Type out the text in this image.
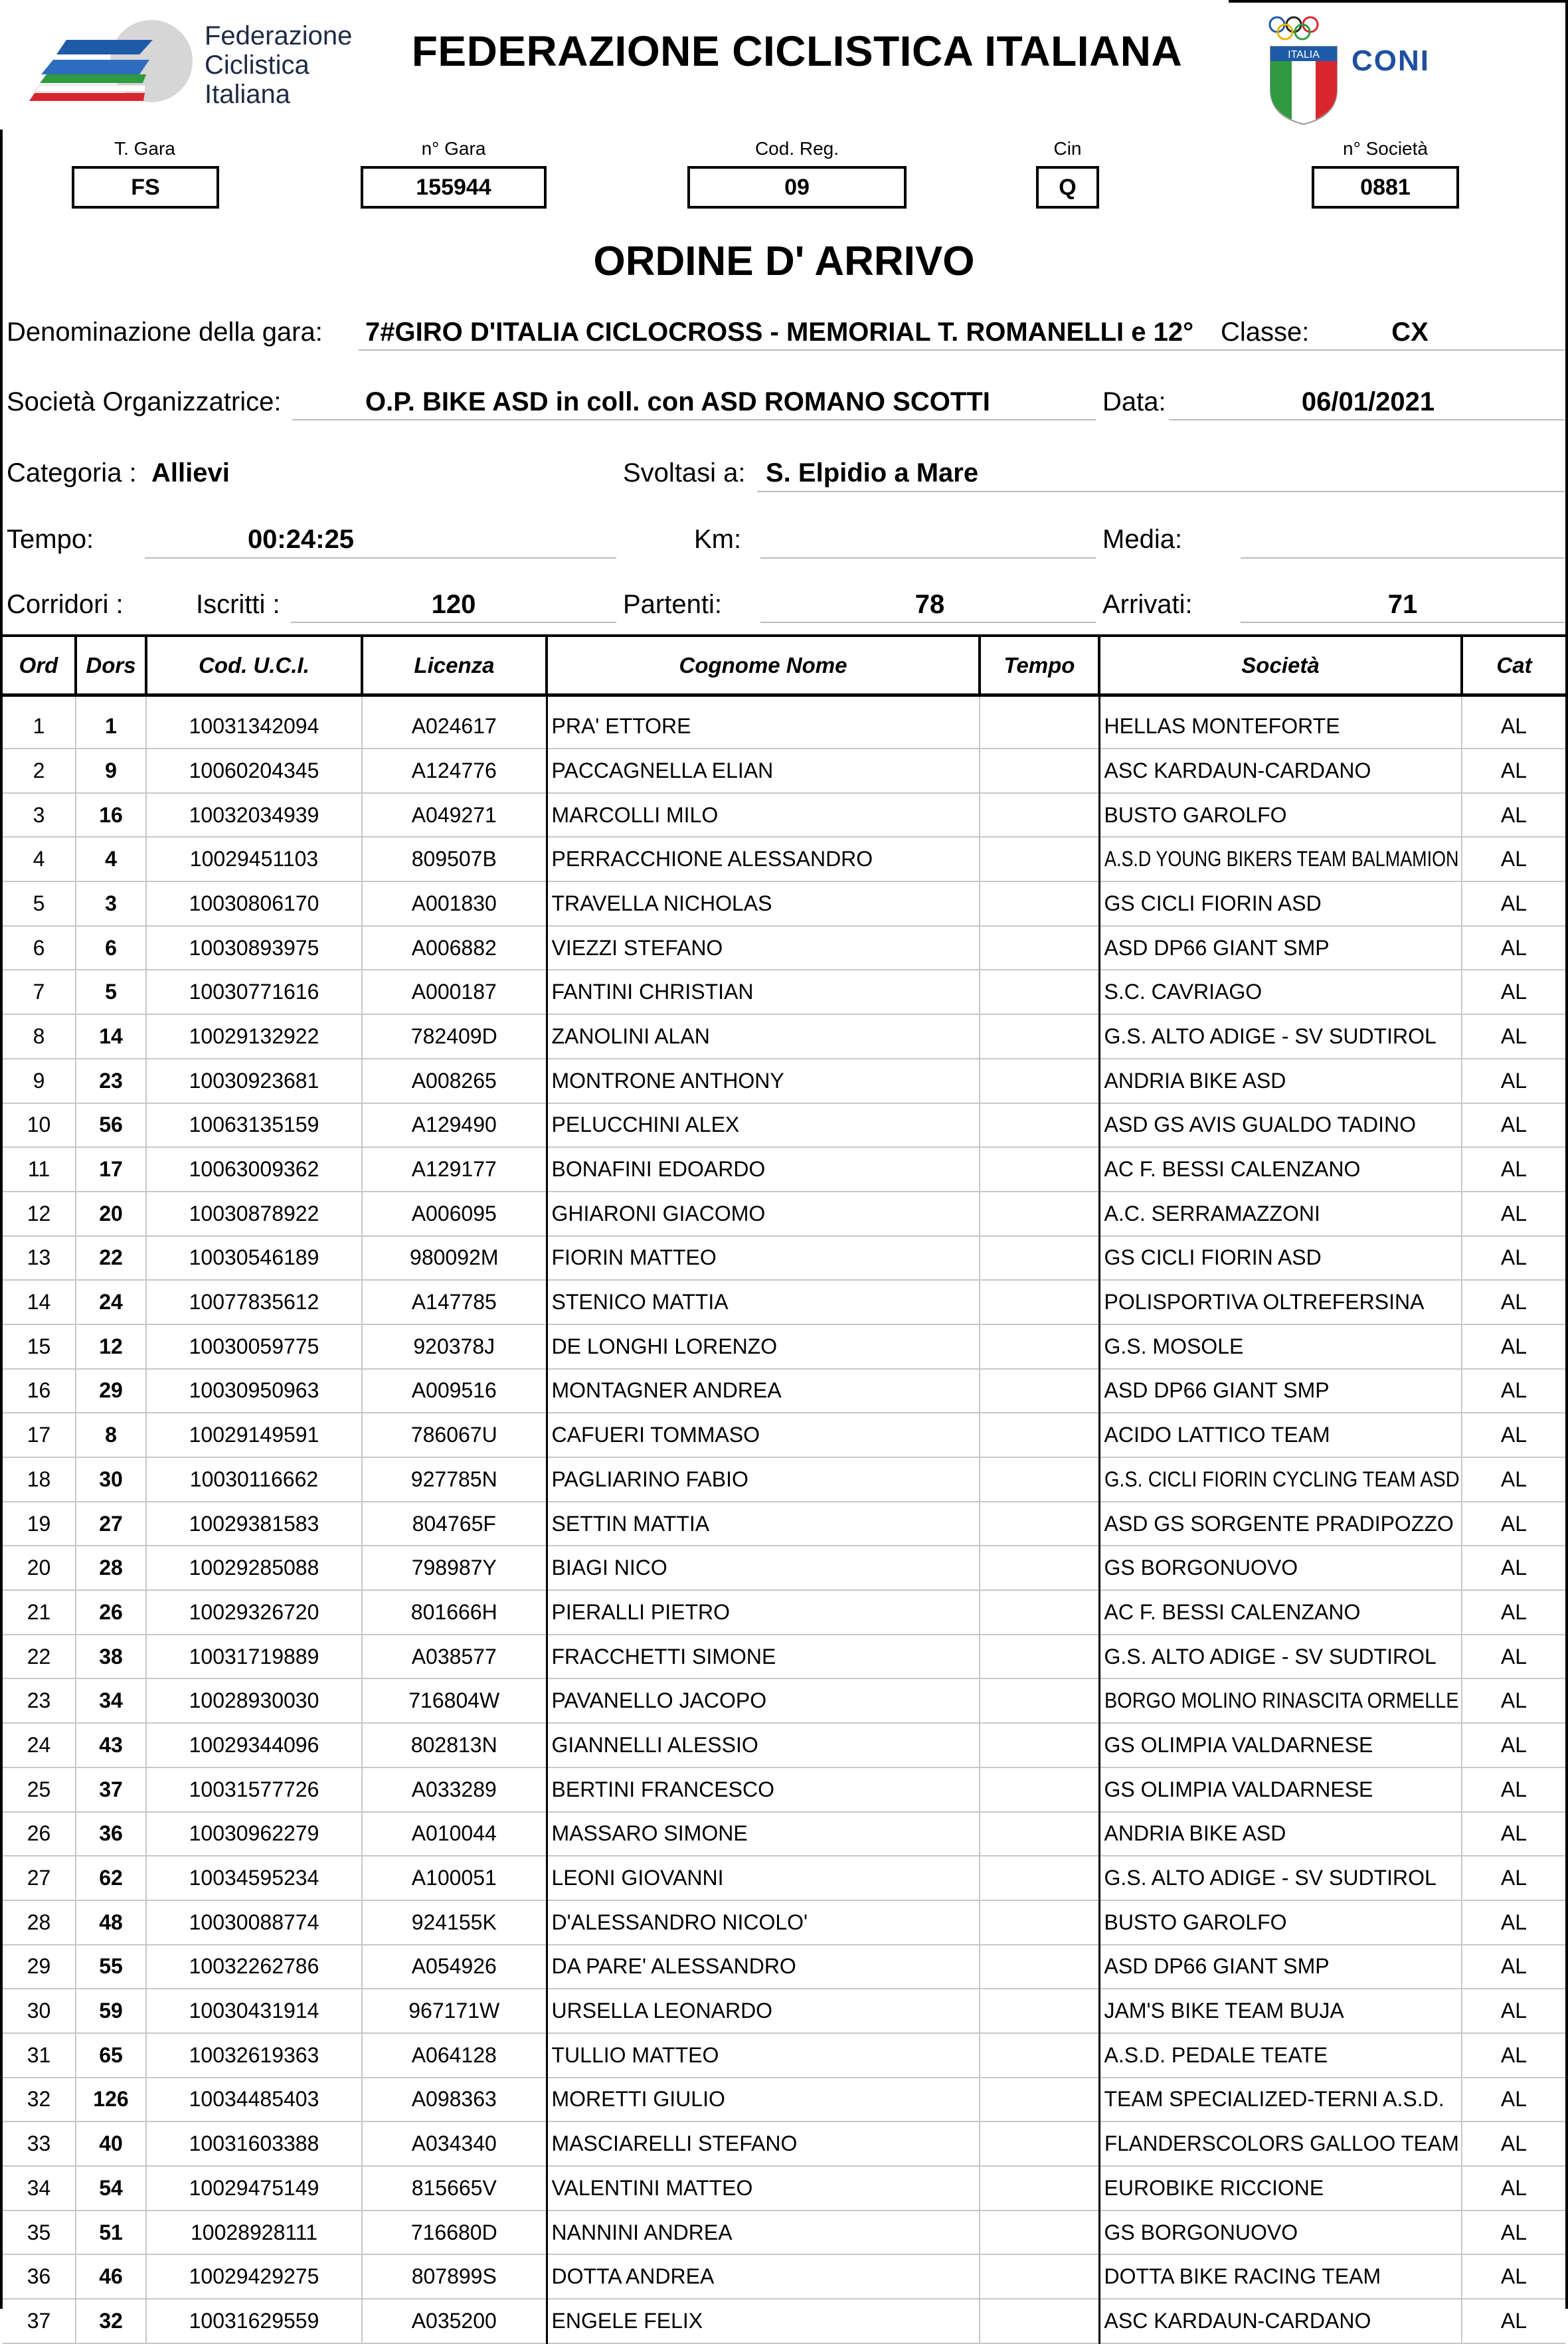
Federazione
Ciclistica
Italiana
FEDERAZIONE CICLISTICA ITALIANA	ITALIA CONI
T. Gara
FS
n° Gara
155944
Cod. Reg.
09
Cin
Q
n° Società
0881
ORDINE D' ARRIVO
Denominazione della gara: 7#GIRO D'ITALIA CICLOCROSS - MEMORIAL T. ROMANELLI e 12° Classe:	CX
Società Organizzatrice:	O.P. BIKE ASD in coll. con ASD ROMANO SCOTTI	Data:	06/01/2021
Categoria : Allievi	Svoltasi a: S. Elpidio a Mare
Tempo:	00:24:25	Km:	Media:
Corridori :	Iscritti :	120	Partenti:	78	Arrivati:	71
Ord	Dors	Cod. U.C.I.	Licenza	Cognome Nome	Tempo	Società	Cat
1	1	10031342094	A024617	PRA' ETTORE		HELLAS MONTEFORTE	AL
2	9	10060204345	A124776	PACCAGNELLA ELIAN		ASC KARDAUN-CARDANO	AL
3	16	10032034939	A049271	MARCOLLI MILO		BUSTO GAROLFO	AL
4	4	10029451103	809507B	PERRACCHIONE ALESSANDRO		A.S.D YOUNG BIKERS TEAM BALMAMION	AL
5	3	10030806170	A001830	TRAVELLA NICHOLAS		GS CICLI FIORIN ASD	AL
6	6	10030893975	A006882	VIEZZI STEFANO		ASD DP66 GIANT SMP	AL
7	5	10030771616	A000187	FANTINI CHRISTIAN		S.C. CAVRIAGO	AL
8	14	10029132922	782409D	ZANOLINI ALAN		G.S. ALTO ADIGE - SV SUDTIROL	AL
9	23	10030923681	A008265	MONTRONE ANTHONY		ANDRIA BIKE ASD	AL
10	56	10063135159	A129490	PELUCCHINI ALEX		ASD GS AVIS GUALDO TADINO	AL
11	17	10063009362	A129177	BONAFINI EDOARDO		AC F. BESSI CALENZANO	AL
12	20	10030878922	A006095	GHIARONI GIACOMO		A.C. SERRAMAZZONI	AL
13	22	10030546189	980092M	FIORIN MATTEO		GS CICLI FIORIN ASD	AL
14	24	10077835612	A147785	STENICO MATTIA		POLISPORTIVA OLTREFERSINA	AL
15	12	10030059775	920378J	DE LONGHI LORENZO		G.S. MOSOLE	AL
16	29	10030950963	A009516	MONTAGNER ANDREA		ASD DP66 GIANT SMP	AL
17	8	10029149591	786067U	CAFUERI TOMMASO		ACIDO LATTICO TEAM	AL
18	30	10030116662	927785N	PAGLIARINO FABIO		G.S. CICLI FIORIN CYCLING TEAM ASD	AL
19	27	10029381583	804765F	SETTIN MATTIA		ASD GS SORGENTE PRADIPOZZO	AL
20	28	10029285088	798987Y	BIAGI NICO		GS BORGONUOVO	AL
21	26	10029326720	801666H	PIERALLI PIETRO		AC F. BESSI CALENZANO	AL
22	38	10031719889	A038577	FRACCHETTI SIMONE		G.S. ALTO ADIGE - SV SUDTIROL	AL
23	34	10028930030	716804W	PAVANELLO JACOPO		BORGO MOLINO RINASCITA ORMELLE	AL
24	43	10029344096	802813N	GIANNELLI ALESSIO		GS OLIMPIA VALDARNESE	AL
25	37	10031577726	A033289	BERTINI FRANCESCO		GS OLIMPIA VALDARNESE	AL
26	36	10030962279	A010044	MASSARO SIMONE		ANDRIA BIKE ASD	AL
27	62	10034595234	A100051	LEONI GIOVANNI		G.S. ALTO ADIGE - SV SUDTIROL	AL
28	48	10030088774	924155K	D'ALESSANDRO NICOLO'		BUSTO GAROLFO	AL
29	55	10032262786	A054926	DA PARE' ALESSANDRO		ASD DP66 GIANT SMP	AL
30	59	10030431914	967171W	URSELLA LEONARDO		JAM'S BIKE TEAM BUJA	AL
31	65	10032619363	A064128	TULLIO MATTEO		A.S.D. PEDALE TEATE	AL
32	126	10034485403	A098363	MORETTI GIULIO		TEAM SPECIALIZED-TERNI A.S.D.	AL
33	40	10031603388	A034340	MASCIARELLI STEFANO		FLANDERSCOLORS GALLOO TEAM	AL
34	54	10029475149	815665V	VALENTINI MATTEO		EUROBIKE RICCIONE	AL
35	51	10028928111	716680D	NANNINI ANDREA		GS BORGONUOVO	AL
36	46	10029429275	807899S	DOTTA ANDREA		DOTTA BIKE RACING TEAM	AL
37	32	10031629559	A035200	ENGELE FELIX		ASC KARDAUN-CARDANO	AL
